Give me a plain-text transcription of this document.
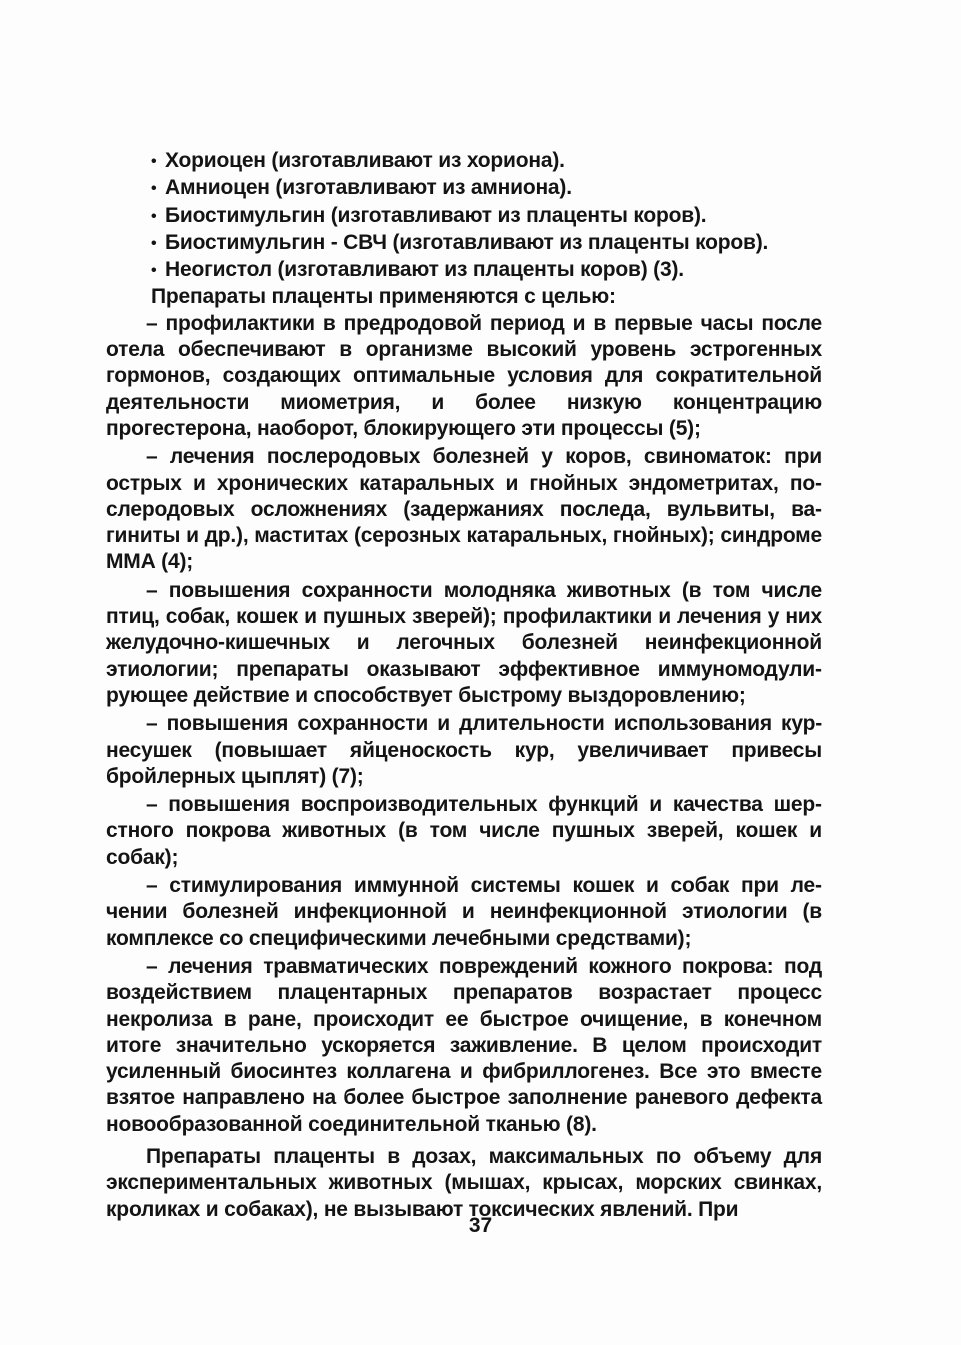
• Хориоцен (изготавливают из хориона).

• Амниоцен (изготавливают из амниона).

• Биостимульгин (изготавливают из плаценты коров).

• Биостимульгин - СВЧ (изготавливают из плаценты коров).

• Неогистол (изготавливают из плаценты коров) (3).

Препараты плаценты применяются с целью:

– профилактики в предродовой период и в первые часы после отела обеспечивают в организме высокий уровень эстрогенных гормонов, создающих оптимальные условия для сократительной деятельности миометрия, и более низкую концентрацию прогестерона, наоборот, блокирующего эти процессы (5);

– лечения послеродовых болезней у коров, свиноматок: при острых и хронических катаральных и гнойных эндометритах, послеродовых осложнениях (задержаниях последа, вульвиты, вагиниты и др.), маститах (серозных катаральных, гнойных); синдроме ММА (4);

– повышения сохранности молодняка животных (в том числе птиц, собак, кошек и пушных зверей); профилактики и лечения у них желудочно-кишечных и легочных болезней неинфекционной этиологии; препараты оказывают эффективное иммуномодулирующее действие и способствует быстрому выздоровлению;

– повышения сохранности и длительности использования кур-несушек (повышает яйценоскость кур, увеличивает привесы бройлерных цыплят) (7);

– повышения воспроизводительных функций и качества шерстного покрова животных (в том числе пушных зверей, кошек и собак);

– стимулирования иммунной системы кошек и собак при лечении болезней инфекционной и неинфекционной этиологии (в комплексе со специфическими лечебными средствами);

– лечения травматических повреждений кожного покрова: под воздействием плацентарных препаратов возрастает процесс некролиза в ране, происходит ее быстрое очищение, в конечном итоге значительно ускоряется заживление. В целом происходит усиленный биосинтез коллагена и фибриллогенез. Все это вместе взятое направлено на более быстрое заполнение раневого дефекта новообразованной соединительной тканью (8).

Препараты плаценты в дозах, максимальных по объему для экспериментальных животных (мышах, крысах, морских свинках, кроликах и собаках), не вызывают токсических явлений. При

37
